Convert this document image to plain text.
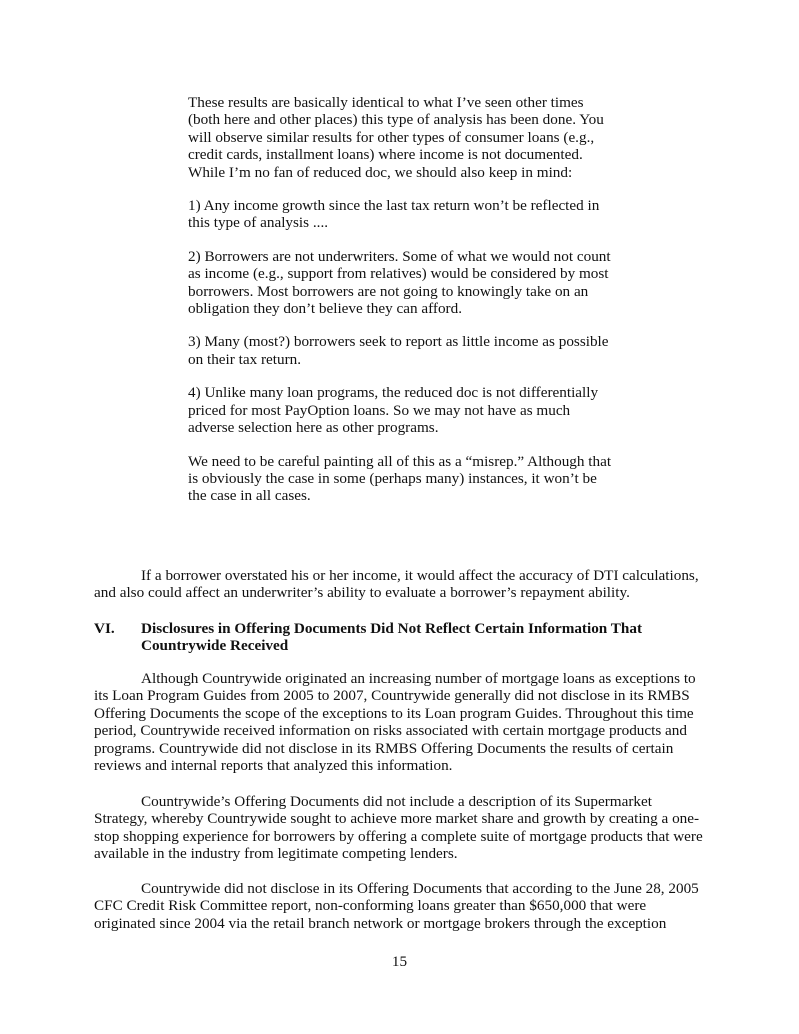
These results are basically identical to what I’ve seen other times (both here and other places) this type of analysis has been done. You will observe similar results for other types of consumer loans (e.g., credit cards, installment loans) where income is not documented. While I’m no fan of reduced doc, we should also keep in mind:

1) Any income growth since the last tax return won’t be reflected in this type of analysis ....

2) Borrowers are not underwriters. Some of what we would not count as income (e.g., support from relatives) would be considered by most borrowers. Most borrowers are not going to knowingly take on an obligation they don’t believe they can afford.

3) Many (most?) borrowers seek to report as little income as possible on their tax return.

4) Unlike many loan programs, the reduced doc is not differentially priced for most PayOption loans. So we may not have as much adverse selection here as other programs.

We need to be careful painting all of this as a “misrep.” Although that is obviously the case in some (perhaps many) instances, it won’t be the case in all cases.

If a borrower overstated his or her income, it would affect the accuracy of DTI calculations, and also could affect an underwriter’s ability to evaluate a borrower’s repayment ability.

VI. Disclosures in Offering Documents Did Not Reflect Certain Information That Countrywide Received

Although Countrywide originated an increasing number of mortgage loans as exceptions to its Loan Program Guides from 2005 to 2007, Countrywide generally did not disclose in its RMBS Offering Documents the scope of the exceptions to its Loan program Guides. Throughout this time period, Countrywide received information on risks associated with certain mortgage products and programs. Countrywide did not disclose in its RMBS Offering Documents the results of certain reviews and internal reports that analyzed this information.

Countrywide’s Offering Documents did not include a description of its Supermarket Strategy, whereby Countrywide sought to achieve more market share and growth by creating a one-stop shopping experience for borrowers by offering a complete suite of mortgage products that were available in the industry from legitimate competing lenders.

Countrywide did not disclose in its Offering Documents that according to the June 28, 2005 CFC Credit Risk Committee report, non-conforming loans greater than $650,000 that were originated since 2004 via the retail branch network or mortgage brokers through the exception

15
